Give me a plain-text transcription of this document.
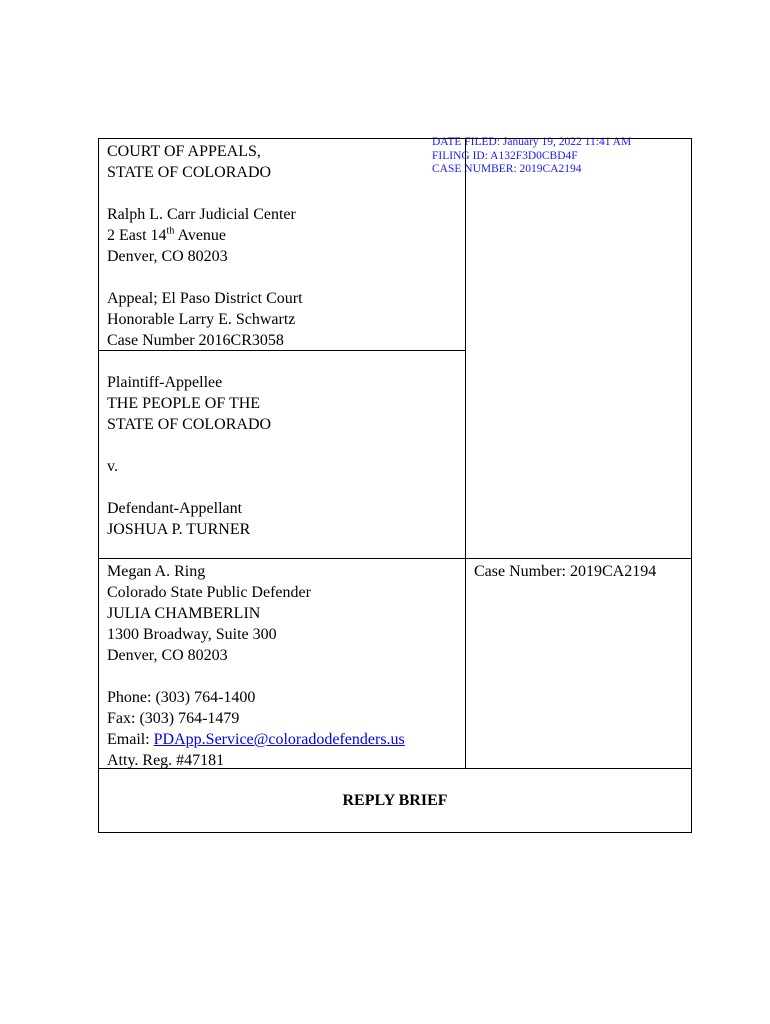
DATE FILED: January 19, 2022 11:41 AM
FILING ID: A132F3D0CBD4F
CASE NUMBER: 2019CA2194
COURT OF APPEALS,
STATE OF COLORADO
Ralph L. Carr Judicial Center
2 East 14th Avenue
Denver, CO 80203
Appeal; El Paso District Court
Honorable Larry E. Schwartz
Case Number 2016CR3058
Plaintiff-Appellee
THE PEOPLE OF THE
STATE OF COLORADO
v.
Defendant-Appellant
JOSHUA P. TURNER
Megan A. Ring
Colorado State Public Defender
JULIA CHAMBERLIN
1300 Broadway, Suite 300
Denver, CO 80203
Phone: (303) 764-1400
Fax: (303) 764-1479
Email: PDApp.Service@coloradodefenders.us
Atty. Reg. #47181
Case Number: 2019CA2194
REPLY BRIEF
